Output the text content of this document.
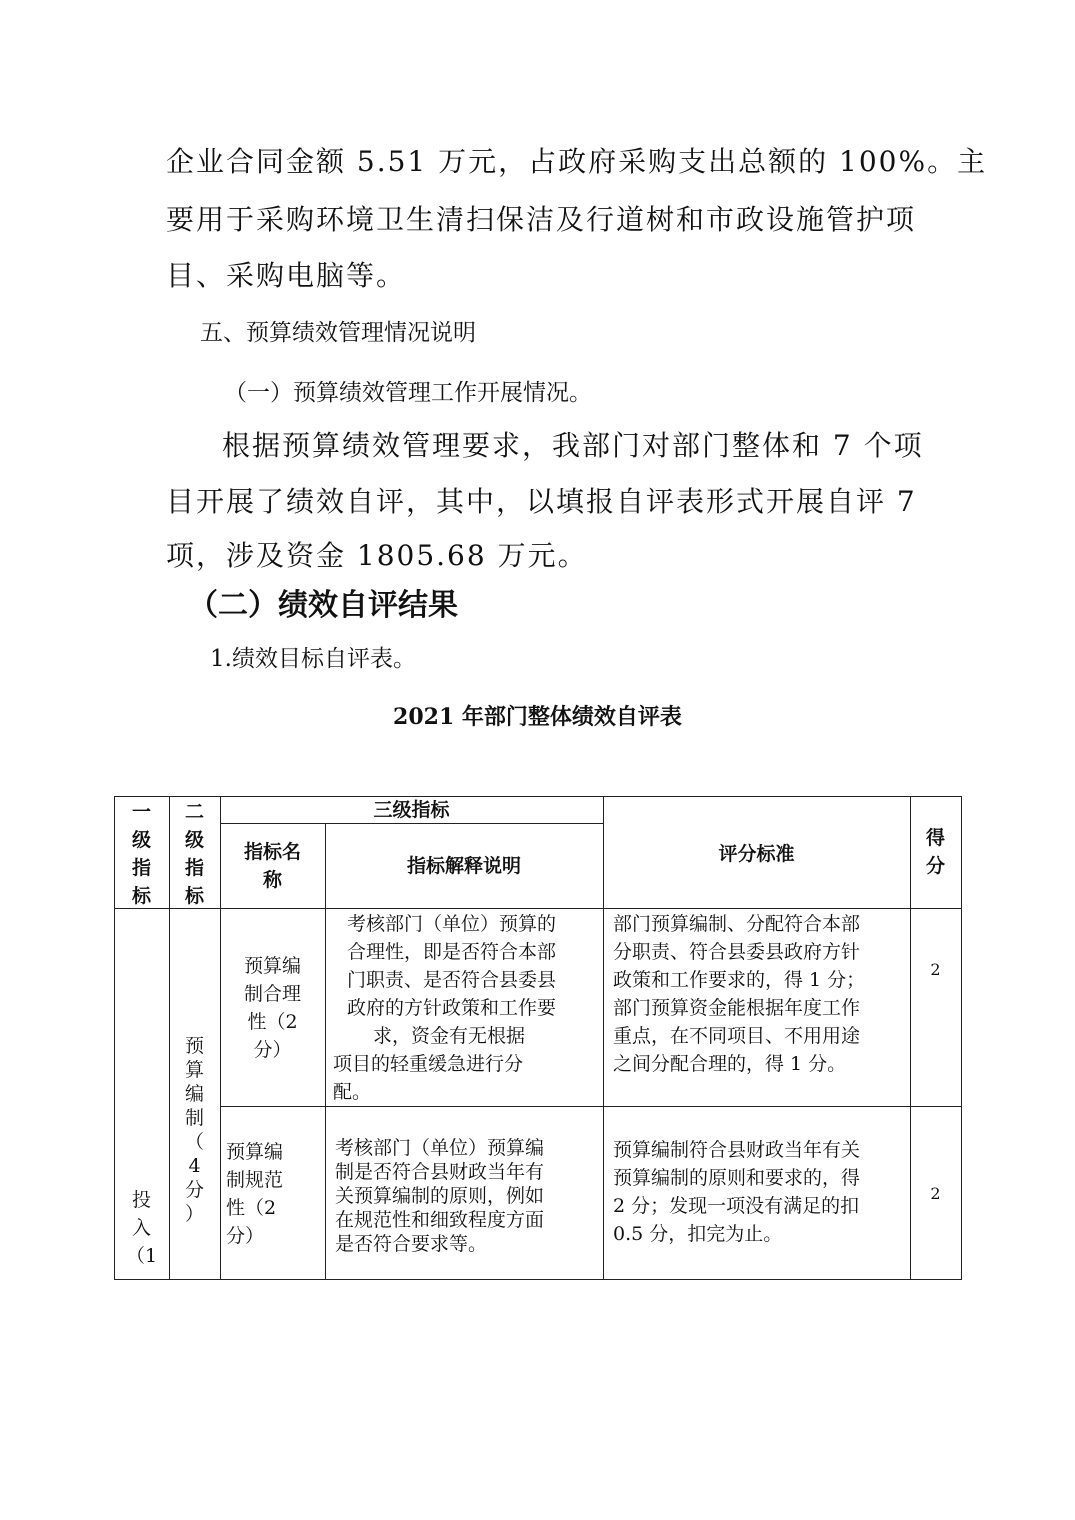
企业合同金额 5.51 万元，占政府采购支出总额的 100%。主
要用于采购环境卫生清扫保洁及行道树和市政设施管护项
目、采购电脑等。
五、预算绩效管理情况说明
（一）预算绩效管理工作开展情况。
根据预算绩效管理要求，我部门对部门整体和 7 个项
目开展了绩效自评，其中，以填报自评表形式开展自评 7
项，涉及资金 1805.68 万元。
（二）绩效自评结果
1.绩效目标自评表。
2021 年部门整体绩效自评表
一
级
指
标
二
级
指
标
三级指标
指标名
称
指标解释说明
评分标准
得
分
投
入
（1
预
算
编
制
（
4
分
）
预算编
制合理
性（2
分）
考核部门（单位）预算的
合理性，即是否符合本部
门职责、是否符合县委县
政府的方针政策和工作要
求，资金有无根据
项目的轻重缓急进行分
配。
部门预算编制、分配符合本部
分职责、符合县委县政府方针
政策和工作要求的，得 1 分；
部门预算资金能根据年度工作
重点，在不同项目、不用用途
之间分配合理的，得 1 分。
2
预算编
制规范
性（2
分）
考核部门（单位）预算编
制是否符合县财政当年有
关预算编制的原则，例如
在规范性和细致程度方面
是否符合要求等。
预算编制符合县财政当年有关
预算编制的原则和要求的，得
2 分；发现一项没有满足的扣
0.5 分，扣完为止。
2
